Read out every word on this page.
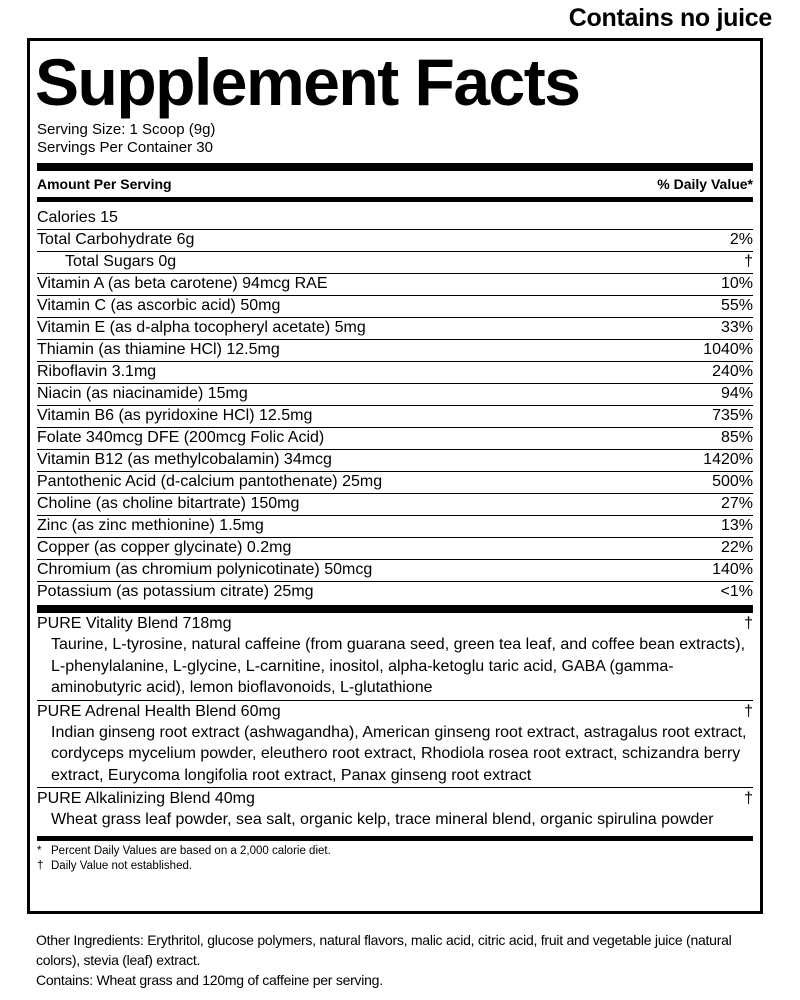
Contains no juice
Supplement Facts
Serving Size: 1 Scoop (9g)
Servings Per Container 30
Amount Per Serving	% Daily Value*
Calories 15
Total Carbohydrate 6g	2%
Total Sugars 0g	†
Vitamin A (as beta carotene) 94mcg RAE	10%
Vitamin C (as ascorbic acid) 50mg	55%
Vitamin E (as d-alpha tocopheryl acetate) 5mg	33%
Thiamin (as thiamine HCl) 12.5mg	1040%
Riboflavin 3.1mg	240%
Niacin (as niacinamide) 15mg	94%
Vitamin B6 (as pyridoxine HCl) 12.5mg	735%
Folate 340mcg DFE (200mcg Folic Acid)	85%
Vitamin B12 (as methylcobalamin) 34mcg	1420%
Pantothenic Acid (d-calcium pantothenate) 25mg	500%
Choline (as choline bitartrate) 150mg	27%
Zinc (as zinc methionine) 1.5mg	13%
Copper (as copper glycinate) 0.2mg	22%
Chromium (as chromium polynicotinate) 50mcg	140%
Potassium (as potassium citrate) 25mg	<1%
PURE Vitality Blend 718mg	†
Taurine, L-tyrosine, natural caffeine (from guarana seed, green tea leaf, and coffee bean extracts), L-phenylalanine, L-glycine, L-carnitine, inositol, alpha-ketoglu taric acid, GABA (gamma-aminobutyric acid), lemon bioflavonoids, L-glutathione
PURE Adrenal Health Blend 60mg	†
Indian ginseng root extract (ashwagandha), American ginseng root extract, astragalus root extract, cordyceps mycelium powder, eleuthero root extract, Rhodiola rosea root extract, schizandra berry extract, Eurycoma longifolia root extract, Panax ginseng root extract
PURE Alkalinizing Blend 40mg	†
Wheat grass leaf powder, sea salt, organic kelp, trace mineral blend, organic spirulina powder
* Percent Daily Values are based on a 2,000 calorie diet.
† Daily Value not established.
Other Ingredients: Erythritol, glucose polymers, natural flavors, malic acid, citric acid, fruit and vegetable juice (natural colors), stevia (leaf) extract.
Contains: Wheat grass and 120mg of caffeine per serving.
